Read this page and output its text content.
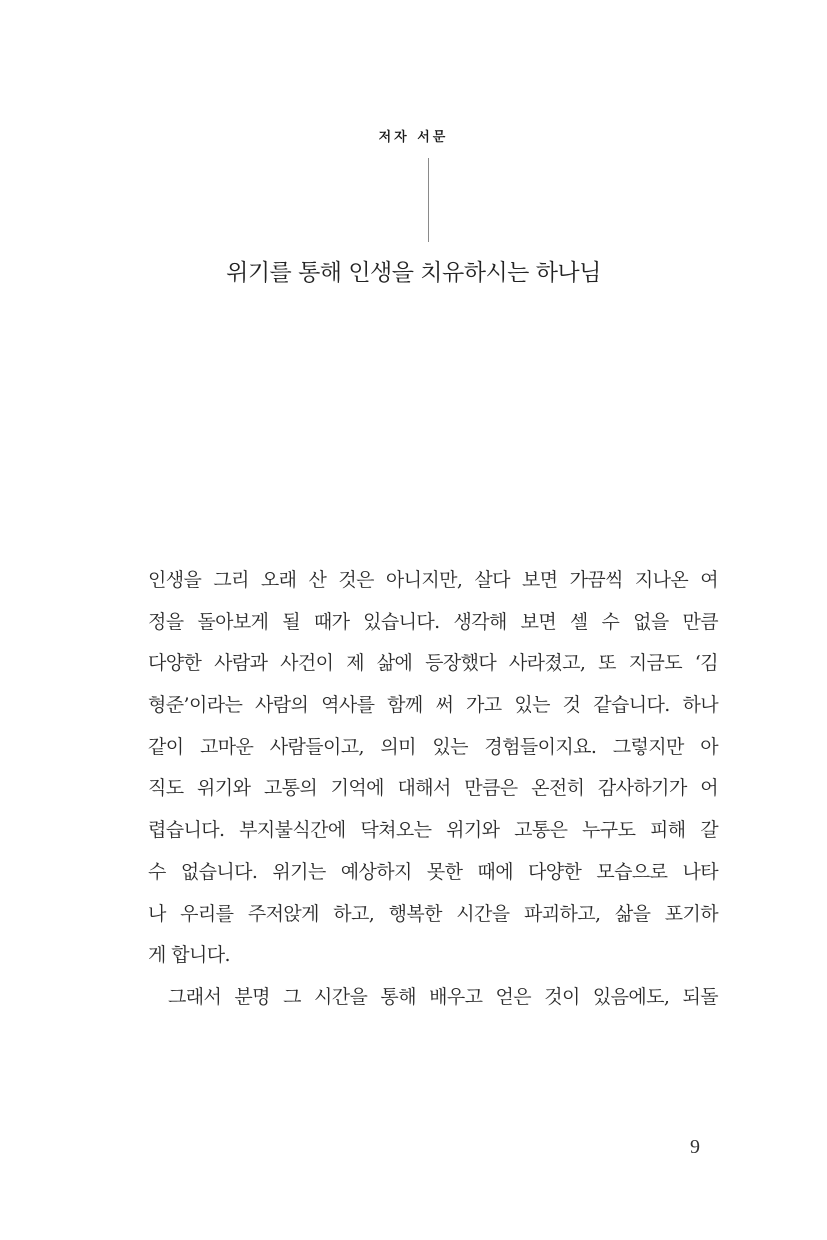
저자 서문
위기를 통해 인생을 치유하시는 하나님
인생을 그리 오래 산 것은 아니지만, 살다 보면 가끔씩 지나온 여
정을 돌아보게 될 때가 있습니다. 생각해 보면 셀 수 없을 만큼
다양한 사람과 사건이 제 삶에 등장했다 사라졌고, 또 지금도 ‘김
형준’이라는 사람의 역사를 함께 써 가고 있는 것 같습니다. 하나
같이 고마운 사람들이고, 의미 있는 경험들이지요. 그렇지만 아
직도 위기와 고통의 기억에 대해서 만큼은 온전히 감사하기가 어
렵습니다. 부지불식간에 닥쳐오는 위기와 고통은 누구도 피해 갈
수 없습니다. 위기는 예상하지 못한 때에 다양한 모습으로 나타
나 우리를 주저앉게 하고, 행복한 시간을 파괴하고, 삶을 포기하
게 합니다.
그래서 분명 그 시간을 통해 배우고 얻은 것이 있음에도, 되돌
9
